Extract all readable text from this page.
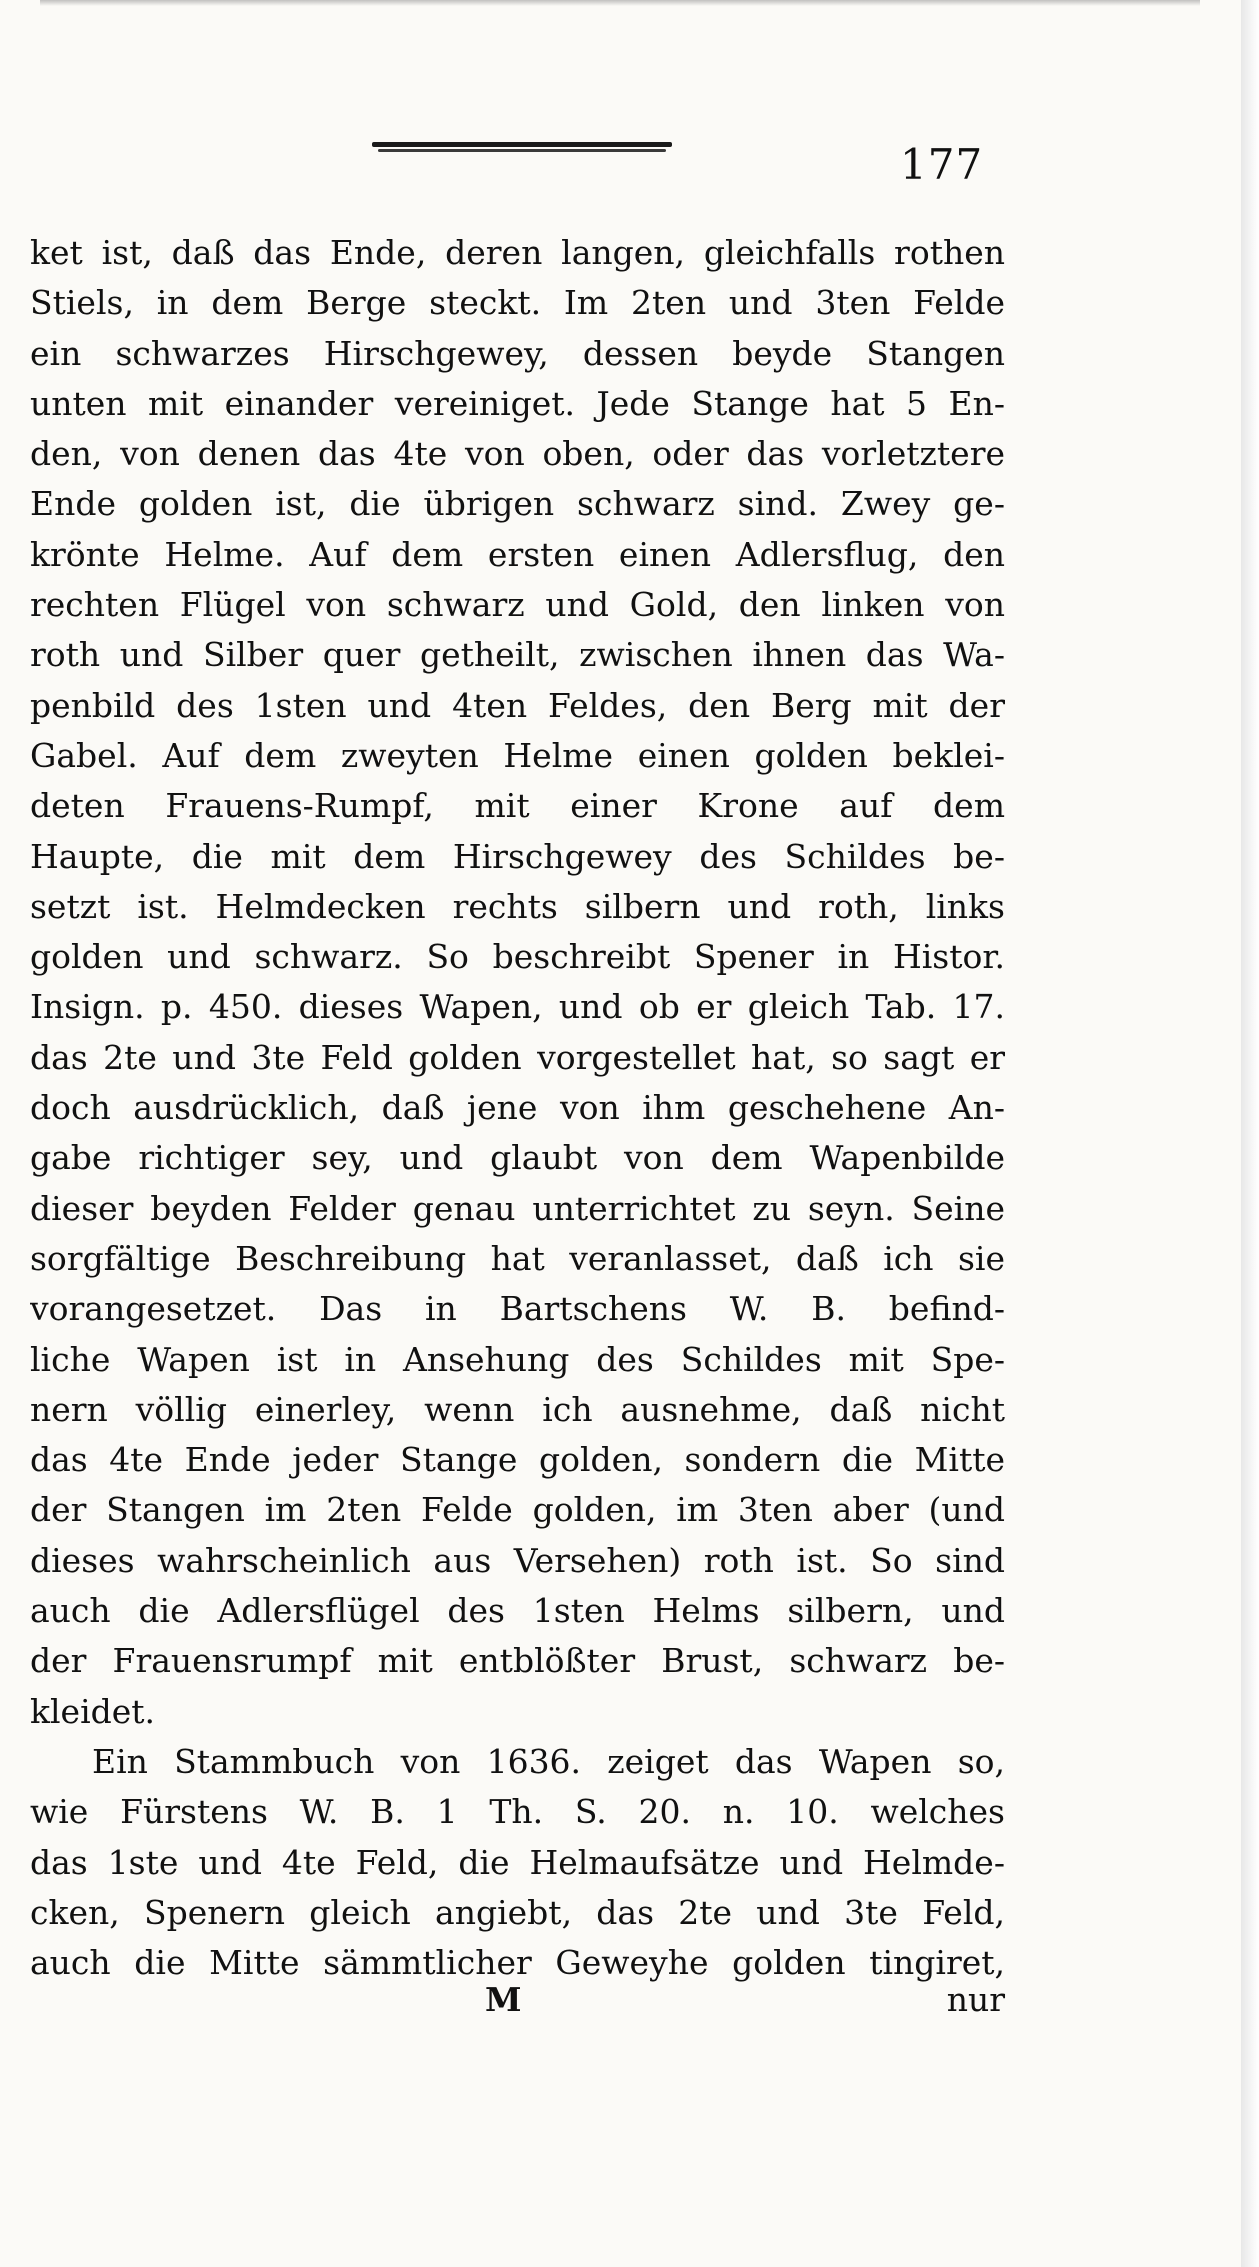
177
ket ist, daß das Ende, deren langen, gleichfalls rothen
Stiels, in dem Berge steckt. Im 2ten und 3ten Felde
ein schwarzes Hirschgewey, dessen beyde Stangen
unten mit einander vereiniget. Jede Stange hat 5 En-
den, von denen das 4te von oben, oder das vorletztere
Ende golden ist, die übrigen schwarz sind. Zwey ge-
krönte Helme. Auf dem ersten einen Adlersflug, den
rechten Flügel von schwarz und Gold, den linken von
roth und Silber quer getheilt, zwischen ihnen das Wa-
penbild des 1sten und 4ten Feldes, den Berg mit der
Gabel. Auf dem zweyten Helme einen golden beklei-
deten Frauens-Rumpf, mit einer Krone auf dem
Haupte, die mit dem Hirschgewey des Schildes be-
setzt ist. Helmdecken rechts silbern und roth, links
golden und schwarz. So beschreibt Spener in Histor.
Insign. p. 450. dieses Wapen, und ob er gleich Tab. 17.
das 2te und 3te Feld golden vorgestellet hat, so sagt er
doch ausdrücklich, daß jene von ihm geschehene An-
gabe richtiger sey, und glaubt von dem Wapenbilde
dieser beyden Felder genau unterrichtet zu seyn. Seine
sorgfältige Beschreibung hat veranlasset, daß ich sie
vorangesetzet. Das in Bartschens W. B. befind-
liche Wapen ist in Ansehung des Schildes mit Spe-
nern völlig einerley, wenn ich ausnehme, daß nicht
das 4te Ende jeder Stange golden, sondern die Mitte
der Stangen im 2ten Felde golden, im 3ten aber (und
dieses wahrscheinlich aus Versehen) roth ist. So sind
auch die Adlersflügel des 1sten Helms silbern, und
der Frauensrumpf mit entblößter Brust, schwarz be-
kleidet.
Ein Stammbuch von 1636. zeiget das Wapen so,
wie Fürstens W. B. 1 Th. S. 20. n. 10. welches
das 1ste und 4te Feld, die Helmaufsätze und Helmde-
cken, Spenern gleich angiebt, das 2te und 3te Feld,
auch die Mitte sämmtlicher Geweyhe golden tingiret,
M	nur
